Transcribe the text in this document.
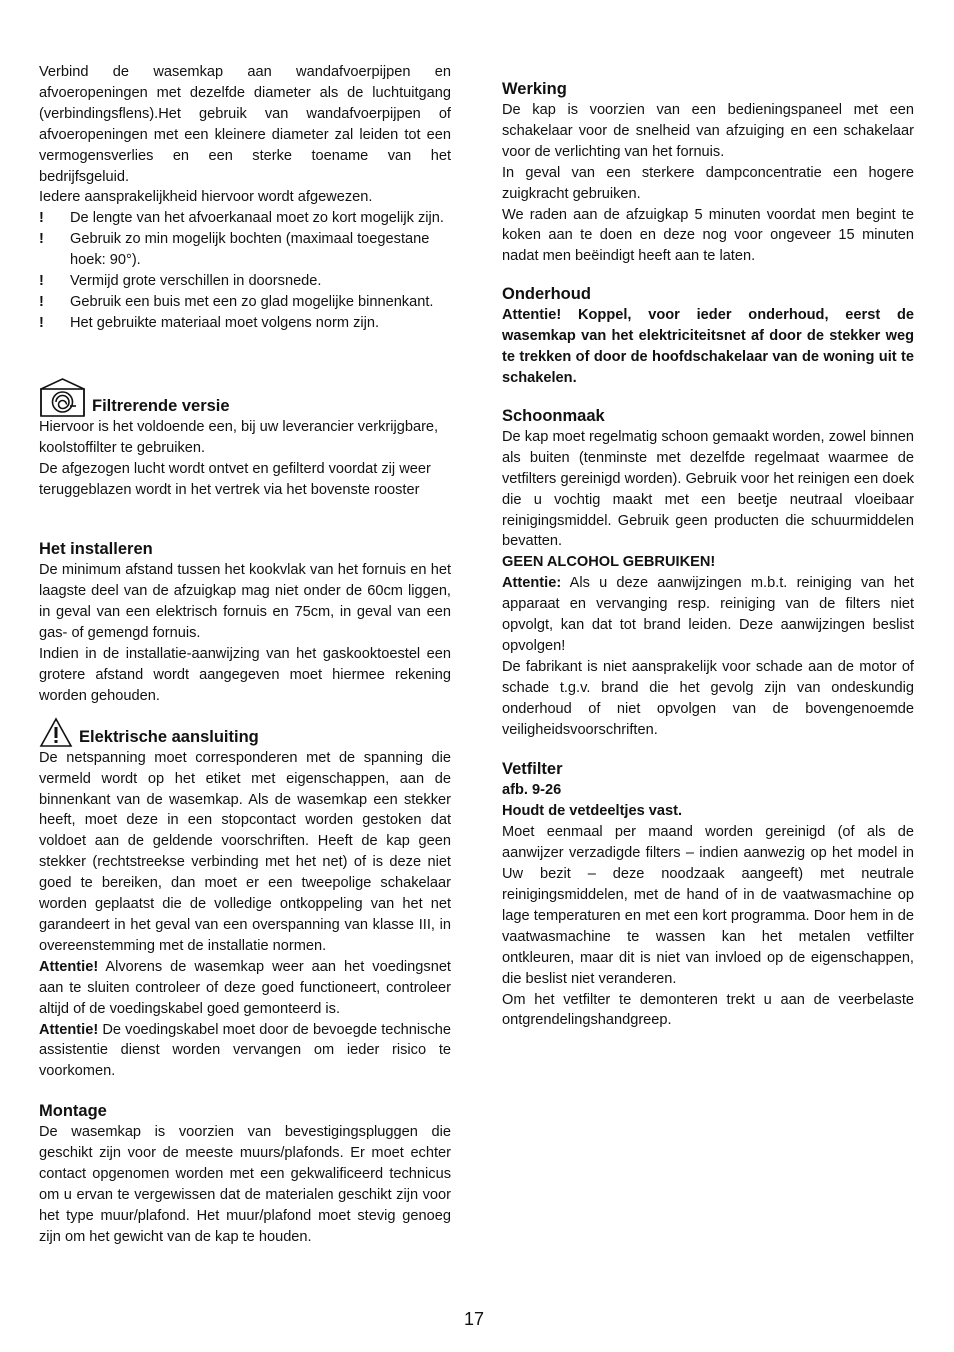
Verbind de wasemkap aan wandafvoerpijpen en afvoeropeningen met dezelfde diameter als de luchtuitgang (verbindingsflens).Het gebruik van wandafvoerpijpen of afvoeropeningen met een kleinere diameter zal leiden tot een vermogensverlies en een sterke toename van het bedrijfsgeluid.

Iedere aansprakelijkheid hiervoor wordt afgewezen.

! De lengte van het afvoerkanaal moet zo kort mogelijk zijn.
! Gebruik zo min mogelijk bochten (maximaal toegestane hoek: 90°).
! Vermijd grote verschillen in doorsnede.
! Gebruik een buis met een zo glad mogelijke binnenkant.
! Het gebruikte materiaal moet volgens norm zijn.
Filtrerende versie

Hiervoor is het voldoende een, bij uw leverancier verkrijgbare, koolstoffilter te gebruiken.

De afgezogen lucht wordt ontvet en gefilterd voordat zij weer teruggeblazen wordt in het vertrek via het bovenste rooster

Het installeren

De minimum afstand tussen het kookvlak van het fornuis en het laagste deel van de afzuigkap mag niet onder de 60cm liggen, in geval van een elektrisch fornuis en 75cm, in geval van een gas- of gemengd fornuis.

Indien in de installatie-aanwijzing van het gaskooktoestel een grotere afstand wordt aangegeven moet hiermee rekening worden gehouden.

Elektrische aansluiting

De netspanning moet corresponderen met de spanning die vermeld wordt op het etiket met eigenschappen, aan de binnenkant van de wasemkap. Als de wasemkap een stekker heeft, moet deze in een stopcontact worden gestoken dat voldoet aan de geldende voorschriften. Heeft de kap geen stekker (rechtstreekse verbinding met het net) of is deze niet goed te bereiken, dan moet er een tweepolige schakelaar worden geplaatst die de volledige ontkoppeling van het net garandeert in het geval van een overspanning van klasse III, in overeenstemming met de installatie normen.

Attentie! Alvorens de wasemkap weer aan het voedingsnet aan te sluiten controleer of deze goed functioneert, controleer altijd of de voedingskabel goed gemonteerd is.

Attentie! De voedingskabel moet door de bevoegde technische assistentie dienst worden vervangen om ieder risico te voorkomen.

Montage

De wasemkap is voorzien van bevestigingspluggen die geschikt zijn voor de meeste muurs/plafonds. Er moet echter contact opgenomen worden met een gekwalificeerd technicus om u ervan te vergewissen dat de materialen geschikt zijn voor het type muur/plafond. Het muur/plafond moet stevig genoeg zijn om het gewicht van de kap te houden.

Werking

De kap is voorzien van een bedieningspaneel met een schakelaar voor de snelheid van afzuiging en een schakelaar voor de verlichting van het fornuis.

In geval van een sterkere dampconcentratie een hogere zuigkracht gebruiken.

We raden aan de afzuigkap 5 minuten voordat men begint te koken aan te doen en deze nog voor ongeveer 15 minuten nadat men beëindigt heeft aan te laten.

Onderhoud

Attentie! Koppel, voor ieder onderhoud, eerst de wasemkap van het elektriciteitsnet af door de stekker weg te trekken of door de hoofdschakelaar van de woning uit te schakelen.

Schoonmaak

De kap moet regelmatig schoon gemaakt worden, zowel binnen als buiten (tenminste met dezelfde regelmaat waarmee de vetfilters gereinigd worden). Gebruik voor het reinigen een doek die u vochtig maakt met een beetje neutraal vloeibaar reinigingsmiddel. Gebruik geen producten die schuurmiddelen bevatten.

GEEN ALCOHOL GEBRUIKEN!

Attentie: Als u deze aanwijzingen m.b.t. reiniging van het apparaat en vervanging resp. reiniging van de filters niet opvolgt, kan dat tot brand leiden. Deze aanwijzingen beslist opvolgen!

De fabrikant is niet aansprakelijk voor schade aan de motor of schade t.g.v. brand die het gevolg zijn van ondeskundig onderhoud of niet opvolgen van de bovengenoemde veiligheidsvoorschriften.

Vetfilter

afb. 9-26

Houdt de vetdeeltjes vast.

Moet eenmaal per maand worden gereinigd (of als de aanwijzer verzadigde filters – indien aanwezig op het model in Uw bezit – deze noodzaak aangeeft) met neutrale reinigingsmiddelen, met de hand of in de vaatwasmachine op lage temperaturen en met een kort programma. Door hem in de vaatwasmachine te wassen kan het metalen vetfilter ontkleuren, maar dit is niet van invloed op de eigenschappen, die beslist niet veranderen.

Om het vetfilter te demonteren trekt u aan de veerbelaste ontgrendelingshandgreep.

17
